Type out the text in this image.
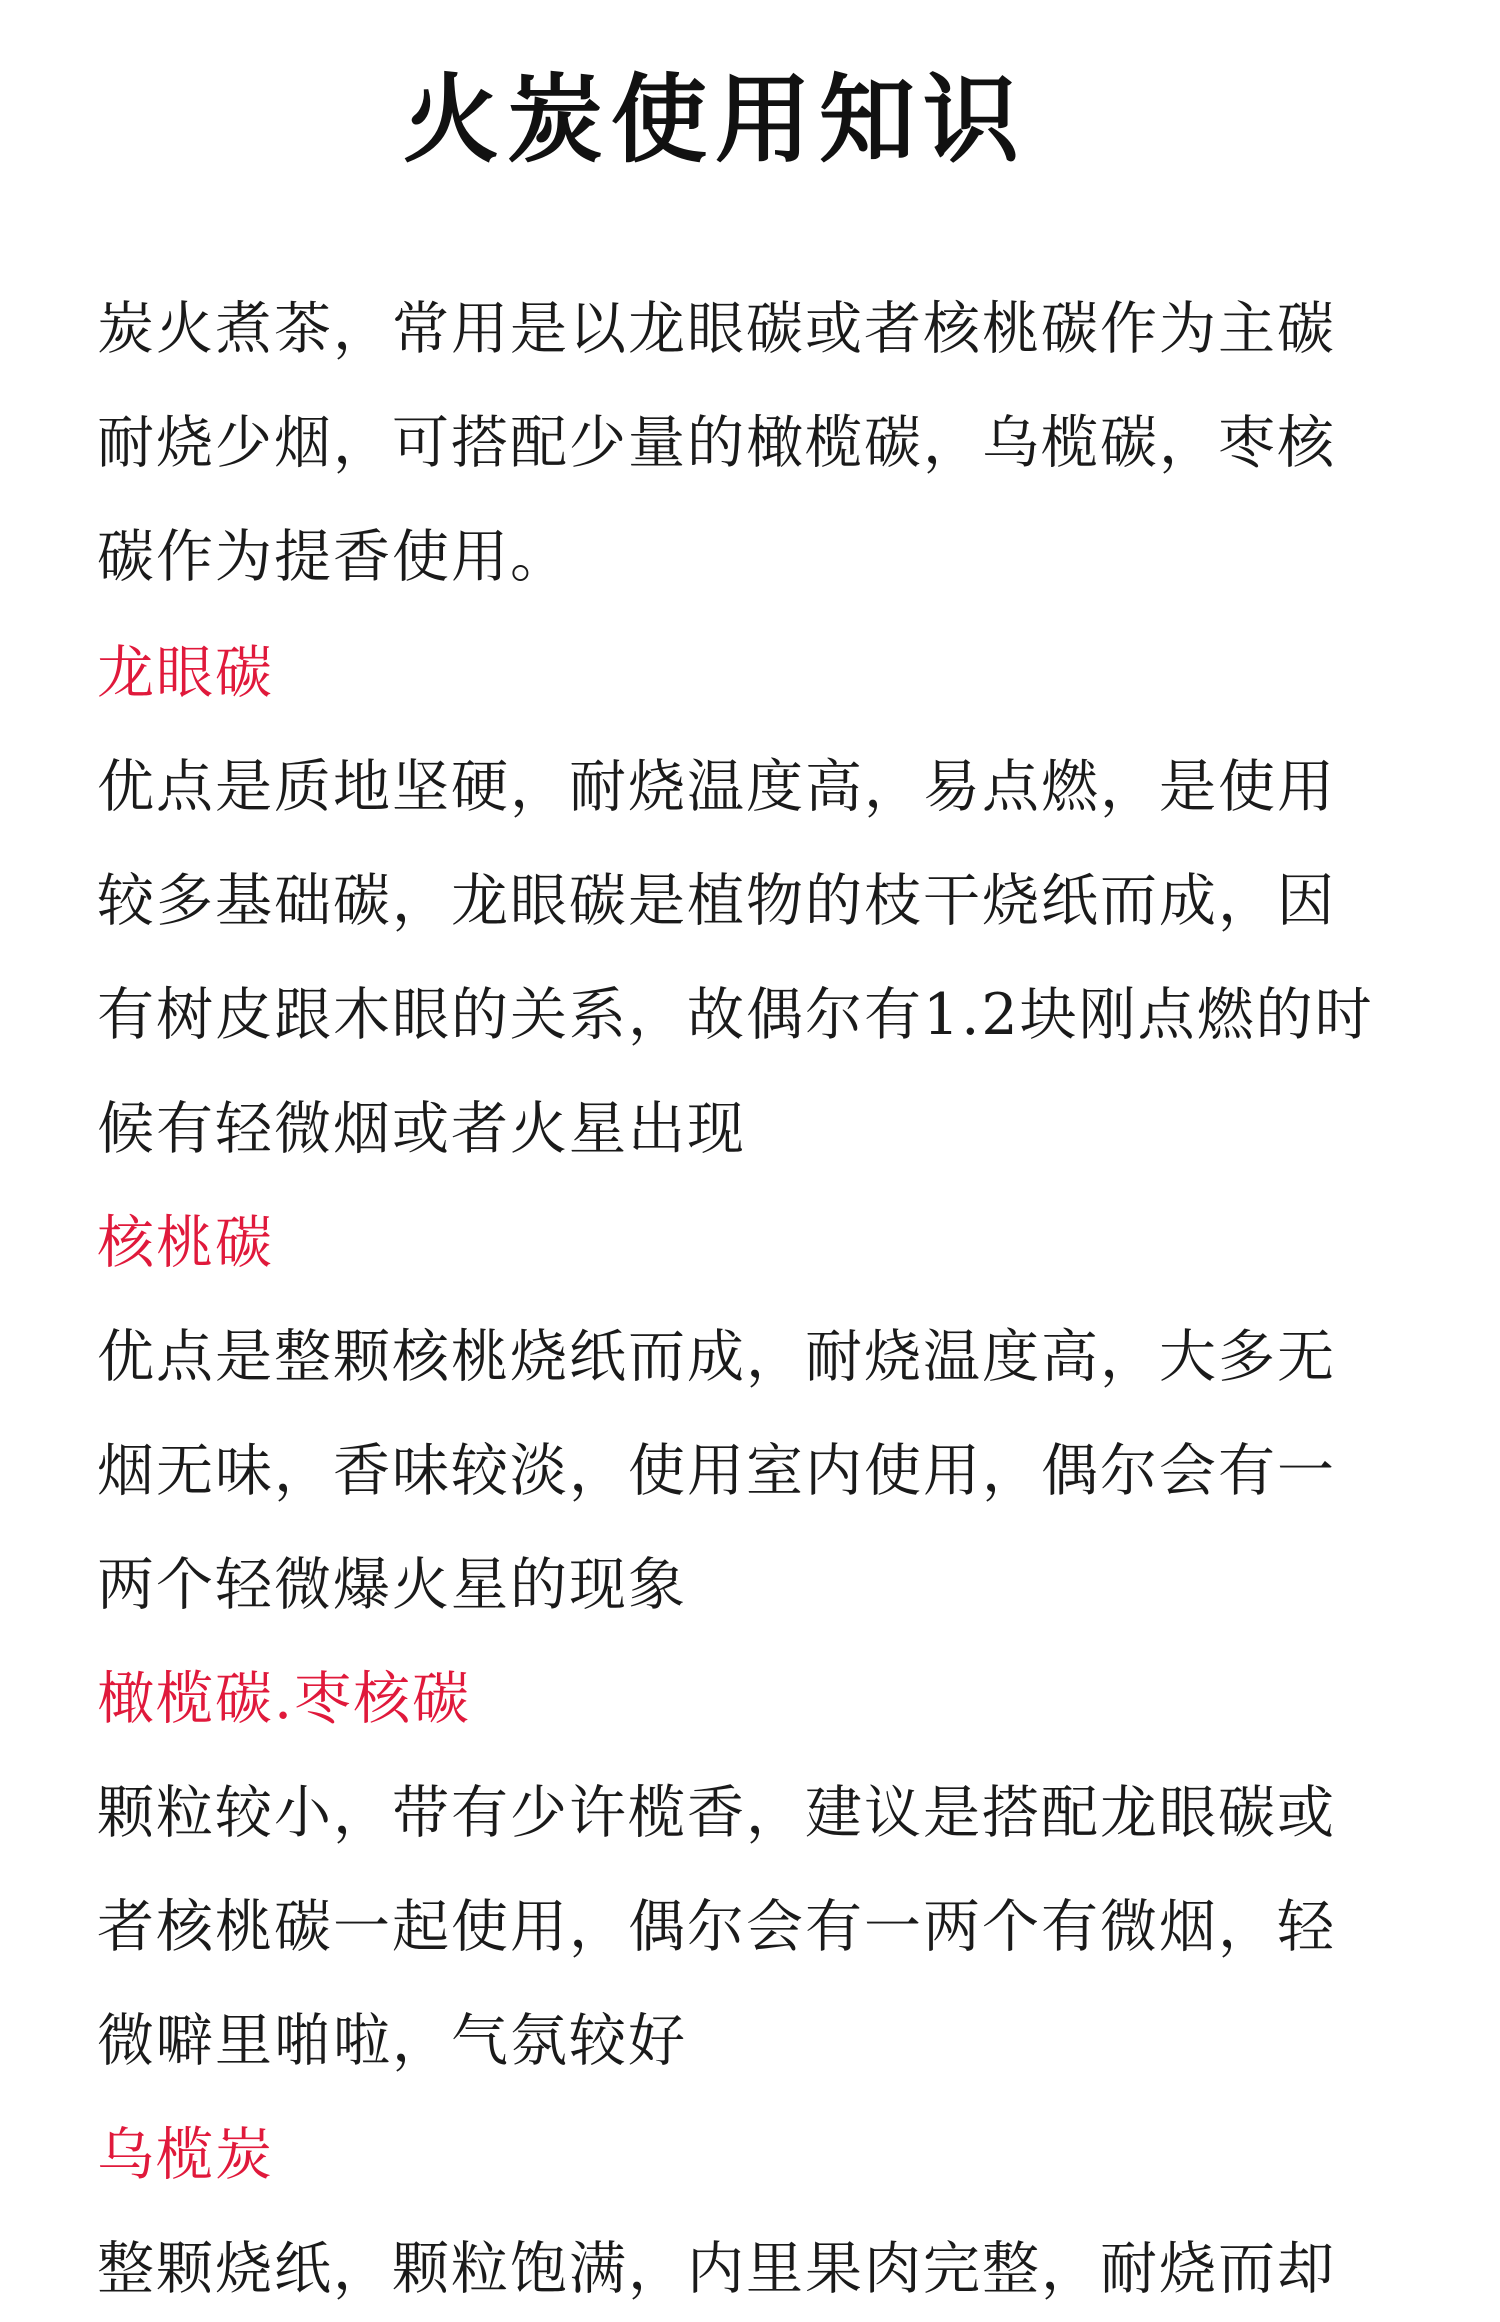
火炭使用知识
炭火煮茶，常用是以龙眼碳或者核桃碳作为主碳
耐烧少烟，可搭配少量的橄榄碳，乌榄碳，枣核
碳作为提香使用。
龙眼碳
优点是质地坚硬，耐烧温度高，易点燃，是使用
较多基础碳，龙眼碳是植物的枝干烧纸而成，因
有树皮跟木眼的关系，故偶尔有1.2块刚点燃的时
候有轻微烟或者火星出现
核桃碳
优点是整颗核桃烧纸而成，耐烧温度高，大多无
烟无味，香味较淡，使用室内使用，偶尔会有一
两个轻微爆火星的现象
橄榄碳.枣核碳
颗粒较小，带有少许榄香，建议是搭配龙眼碳或
者核桃碳一起使用，偶尔会有一两个有微烟，轻
微噼里啪啦，气氛较好
乌榄炭
整颗烧纸，颗粒饱满，内里果肉完整，耐烧而却
